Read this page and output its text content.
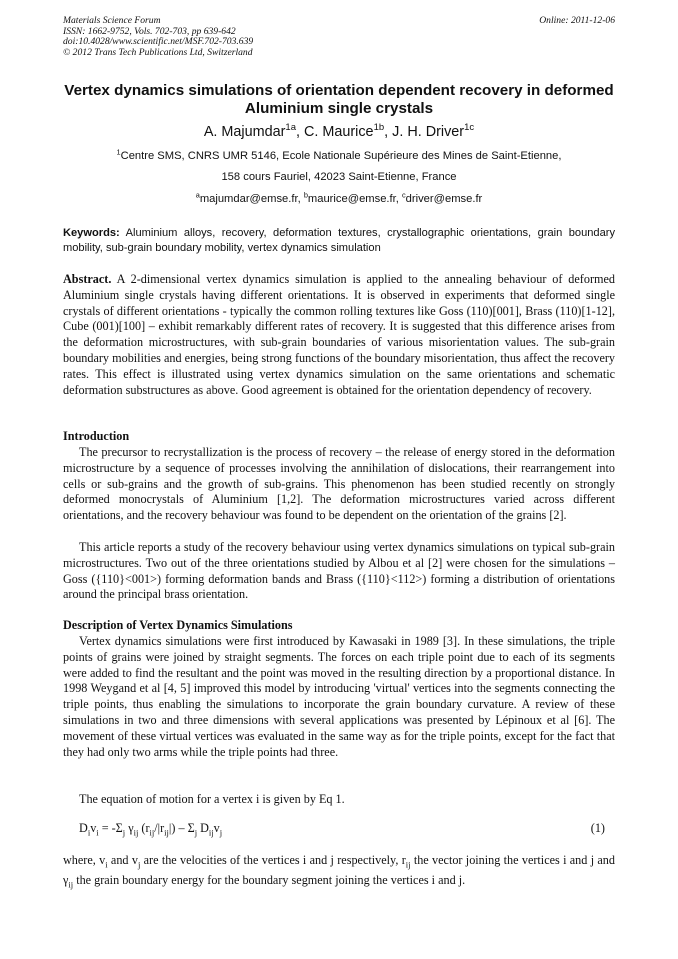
Materials Science Forum
ISSN: 1662-9752, Vols. 702-703, pp 639-642
doi:10.4028/www.scientific.net/MSF.702-703.639
© 2012 Trans Tech Publications Ltd, Switzerland
Online: 2011-12-06
Vertex dynamics simulations of orientation dependent recovery in deformed Aluminium single crystals
A. Majumdar$^{1a}$, C. Maurice$^{1b}$, J. H. Driver$^{1c}$
$^1$Centre SMS, CNRS UMR 5146, Ecole Nationale Supérieure des Mines de Saint-Etienne,
158 cours Fauriel, 42023 Saint-Etienne, France
$^a$majumdar@emse.fr, $^b$maurice@emse.fr, $^c$driver@emse.fr
Keywords: Aluminium alloys, recovery, deformation textures, crystallographic orientations, grain boundary mobility, sub-grain boundary mobility, vertex dynamics simulation
Abstract. A 2-dimensional vertex dynamics simulation is applied to the annealing behaviour of deformed Aluminium single crystals having different orientations. It is observed in experiments that deformed single crystals of different orientations - typically the common rolling textures like Goss (110)[001], Brass (110)[1-12], Cube (001)[100] – exhibit remarkably different rates of recovery. It is suggested that this difference arises from the deformation microstructures, with sub-grain boundaries of various misorientation values. The sub-grain boundary mobilities and energies, being strong functions of the boundary misorientation, thus affect the recovery rates. This effect is illustrated using vertex dynamics simulation on the same orientations and schematic deformation substructures as above. Good agreement is obtained for the orientation dependency of recovery.
Introduction
The precursor to recrystallization is the process of recovery – the release of energy stored in the deformation microstructure by a sequence of processes involving the annihilation of dislocations, their rearrangement into cells or sub-grains and the growth of sub-grains. This phenomenon has been studied recently on strongly deformed monocrystals of Aluminium [1,2]. The deformation microstructures varied across different orientations, and the recovery behaviour was found to be dependent on the orientation of the grains [2].
This article reports a study of the recovery behaviour using vertex dynamics simulations on typical sub-grain microstructures. Two out of the three orientations studied by Albou et al [2] were chosen for the simulations – Goss ({110}<001>) forming deformation bands and Brass ({110}<112>) forming a distribution of orientations around the principal brass orientation.
Description of Vertex Dynamics Simulations
Vertex dynamics simulations were first introduced by Kawasaki in 1989 [3]. In these simulations, the triple points of grains were joined by straight segments. The forces on each triple point due to each of its segments were added to find the resultant and the point was moved in the resulting direction by a proportional distance. In 1998 Weygand et al [4, 5] improved this model by introducing 'virtual' vertices into the segments connecting the triple points, thus enabling the simulations to incorporate the grain boundary curvature. A review of these simulations in two and three dimensions with several applications was presented by Lépinoux et al [6]. The movement of these virtual vertices was evaluated in the same way as for the triple points, except for the fact that they had only two arms while the triple points had three.
The equation of motion for a vertex i is given by Eq 1.
$D_iv_i = -\Sigma_j$ $\gamma_{ij}$ $(r_{ij}/|r_{ij}|) - \Sigma_j$ $D_{ij}v_j$	(1)
where, $v_i$ and $v_j$ are the velocities of the vertices i and j respectively, $r_{ij}$ the vector joining the vertices i and j and $\gamma_{ij}$ the grain boundary energy for the boundary segment joining the vertices i and j.
